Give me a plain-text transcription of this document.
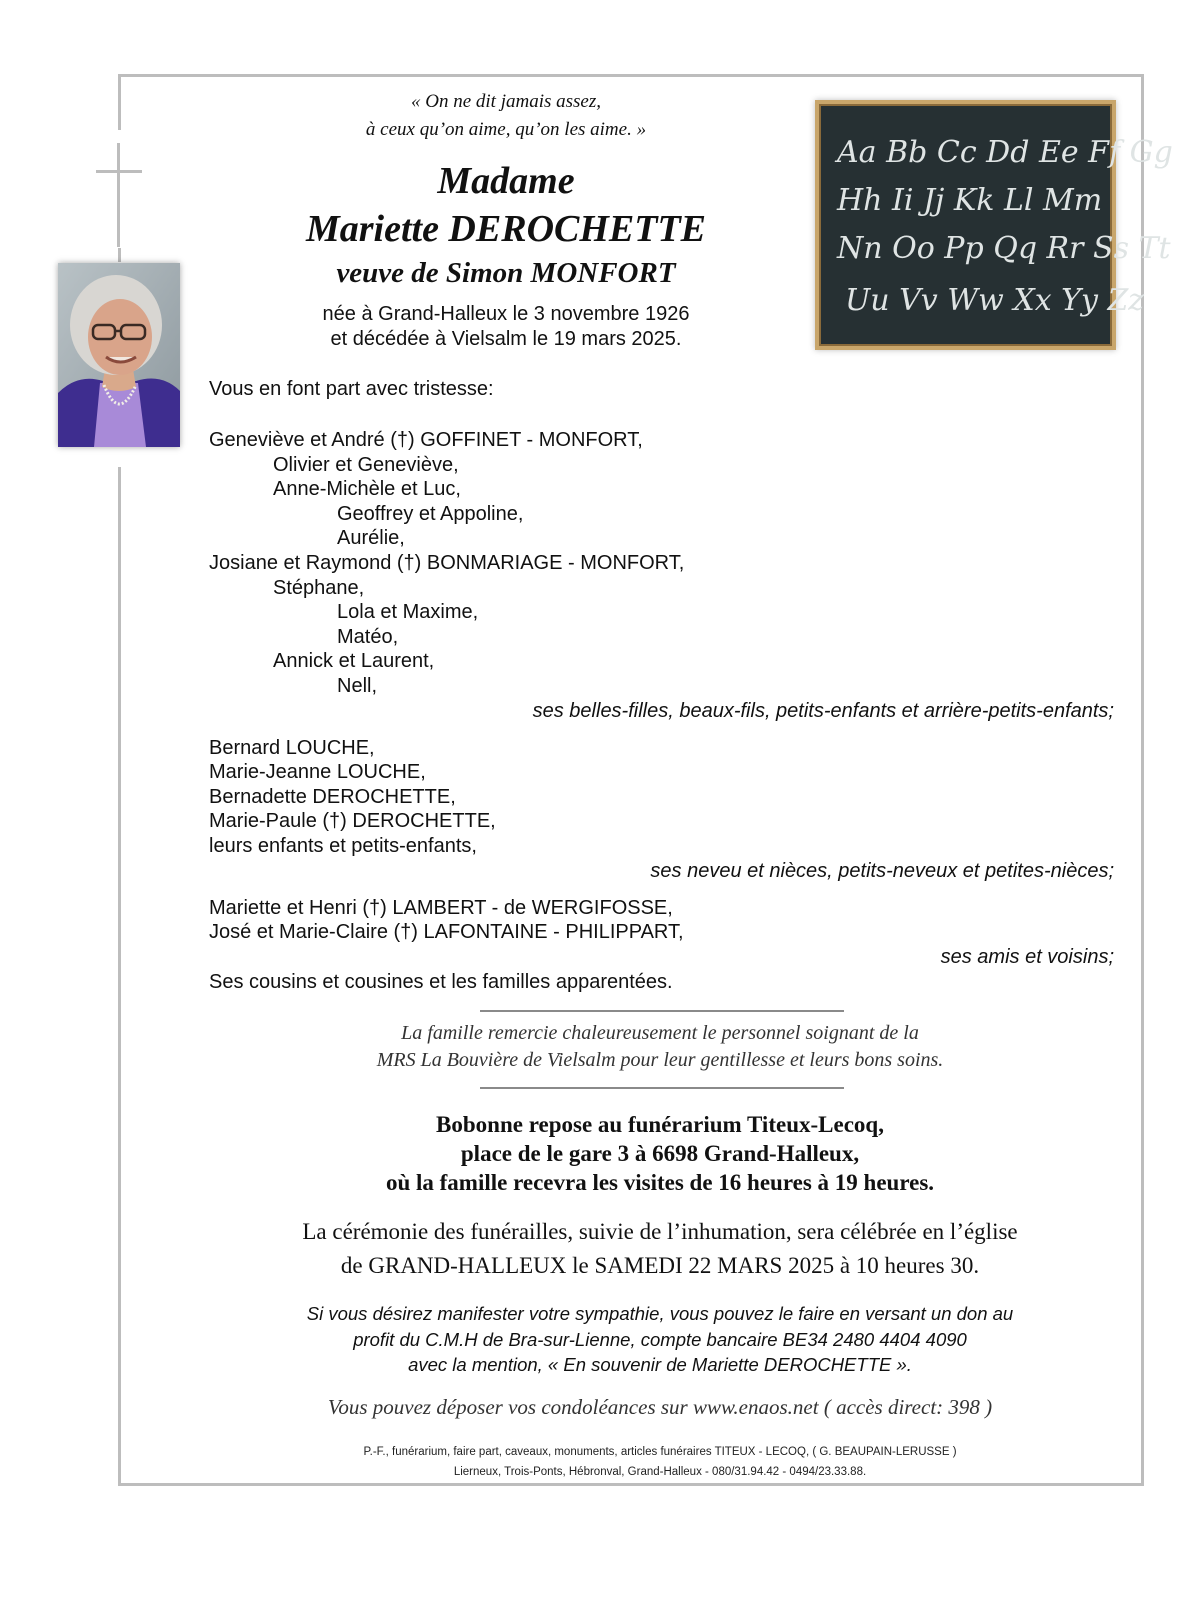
Aa Bb Cc Dd Ee Ff Gg
Hh Ii Jj Kk Ll Mm
Nn Oo Pp Qq Rr Ss Tt
Uu Vv Ww Xx Yy Zz
« On ne dit jamais assez,
à ceux qu’on aime, qu’on les aime. »
Madame
Mariette DEROCHETTE
veuve de Simon MONFORT
née à Grand-Halleux le 3 novembre 1926
et décédée à Vielsalm le 19 mars 2025.
Vous en font part avec tristesse:
Geneviève et André (†) GOFFINET - MONFORT,
Olivier et Geneviève,
Anne-Michèle et Luc,
Geoffrey et Appoline,
Aurélie,
Josiane et Raymond (†) BONMARIAGE - MONFORT,
Stéphane,
Lola et Maxime,
Matéo,
Annick et Laurent,
Nell,
ses belles-filles, beaux-fils, petits-enfants et arrière-petits-enfants;
Bernard LOUCHE,
Marie-Jeanne LOUCHE,
Bernadette DEROCHETTE,
Marie-Paule (†) DEROCHETTE,
leurs enfants et petits-enfants,
ses neveu et nièces, petits-neveux et petites-nièces;
Mariette et Henri (†) LAMBERT - de WERGIFOSSE,
José et Marie-Claire (†) LAFONTAINE - PHILIPPART,
ses amis et voisins;
Ses cousins et cousines et les familles apparentées.
La famille remercie chaleureusement le personnel soignant de la
MRS La Bouvière de Vielsalm pour leur gentillesse et leurs bons soins.
Bobonne repose au funérarium Titeux-Lecoq,
place de le gare 3 à 6698 Grand-Halleux,
où la famille recevra les visites de 16 heures à 19 heures.
La cérémonie des funérailles, suivie de l’inhumation, sera célébrée en l’église
de GRAND-HALLEUX le SAMEDI 22 MARS 2025 à 10 heures 30.
Si vous désirez manifester votre sympathie, vous pouvez le faire en versant un don au
profit du C.M.H de Bra-sur-Lienne, compte bancaire BE34 2480 4404 4090
avec la mention, « En souvenir de Mariette DEROCHETTE ».
Vous pouvez déposer vos condoléances sur www.enaos.net ( accès direct: 398 )
P.-F., funérarium, faire part, caveaux, monuments, articles funéraires TITEUX - LECOQ, ( G. BEAUPAIN-LERUSSE )
Lierneux, Trois-Ponts, Hébronval, Grand-Halleux - 080/31.94.42 - 0494/23.33.88.
